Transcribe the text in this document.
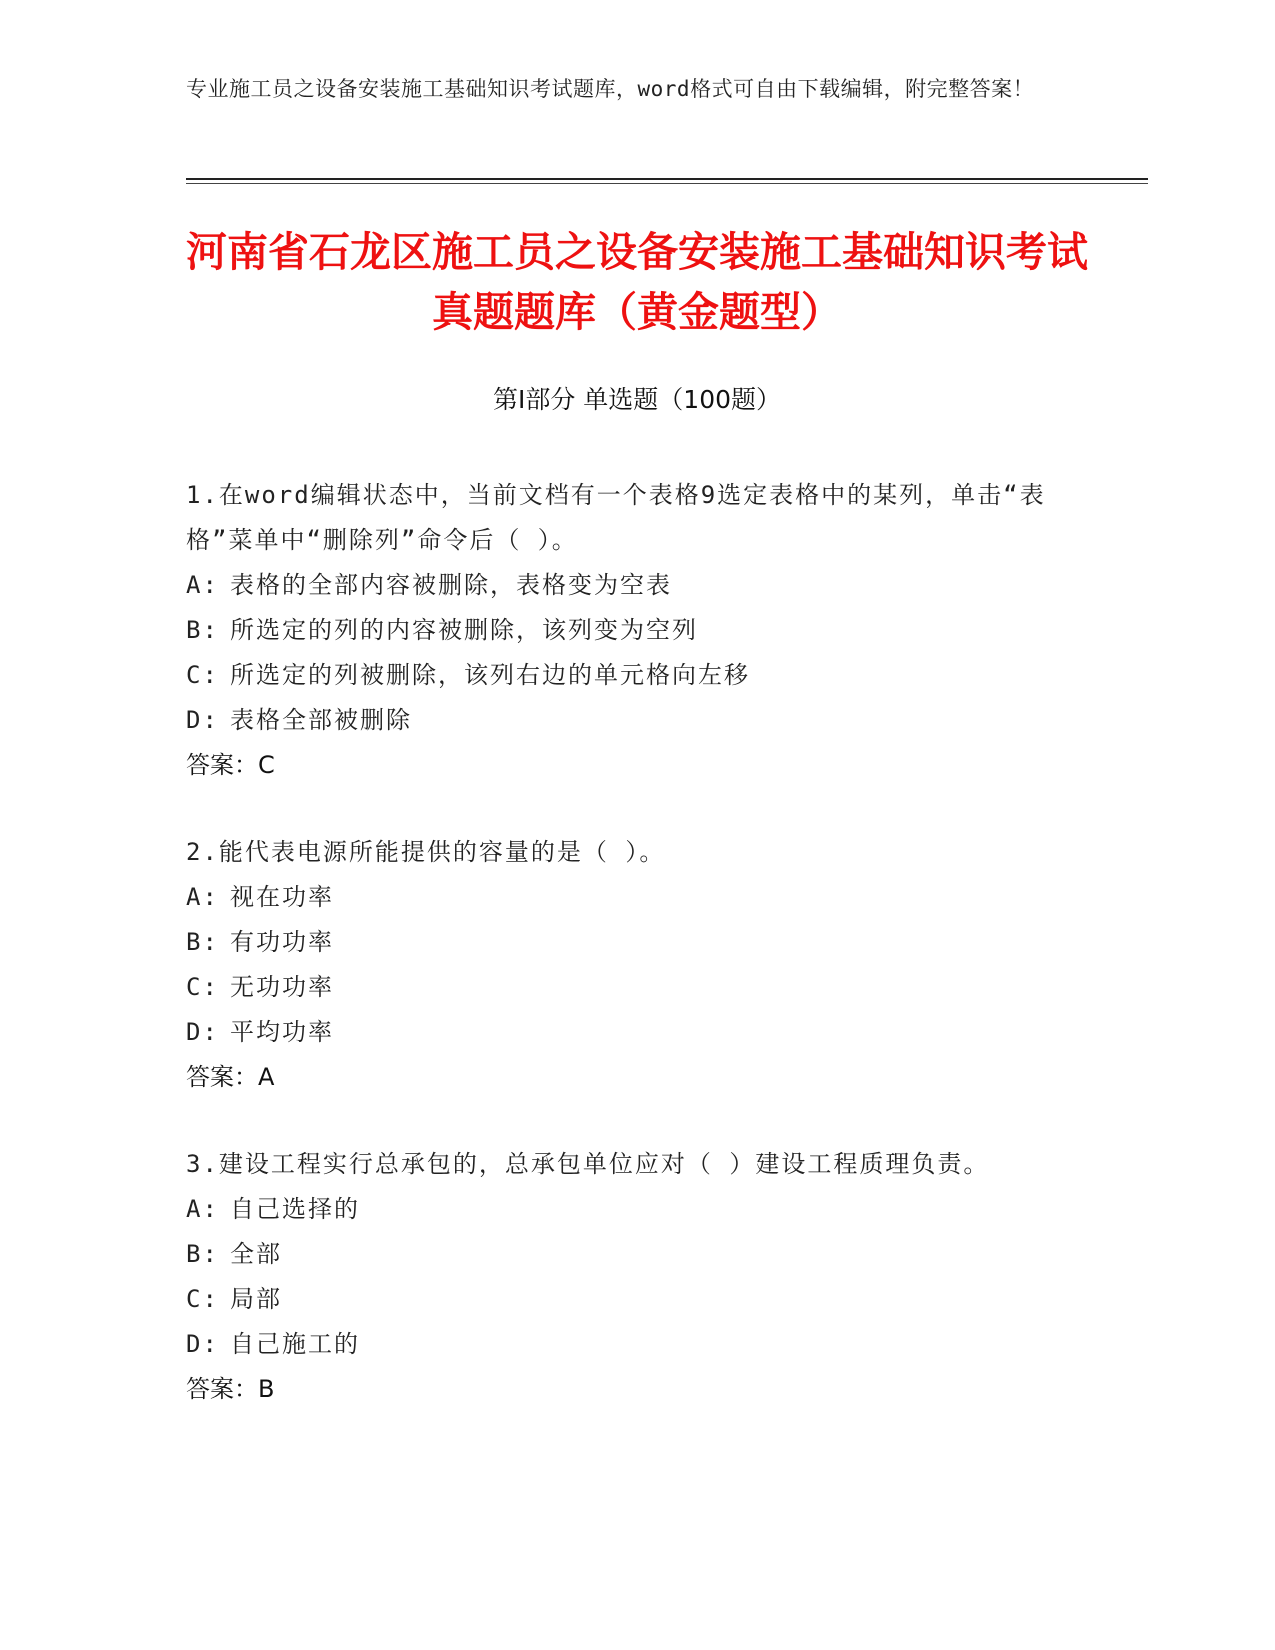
专业施工员之设备安装施工基础知识考试题库，word格式可自由下载编辑，附完整答案！
河南省石龙区施工员之设备安装施工基础知识考试真题题库（黄金题型）
第Ⅰ部分 单选题（100题）
1.在word编辑状态中，当前文档有一个表格9选定表格中的某列，单击“表格”菜单中“删除列”命令后（ ）。
A: 表格的全部内容被删除，表格变为空表
B: 所选定的列的内容被删除，该列变为空列
C: 所选定的列被删除，该列右边的单元格向左移
D: 表格全部被删除
答案：C
2.能代表电源所能提供的容量的是（ ）。
A: 视在功率
B: 有功功率
C: 无功功率
D: 平均功率
答案：A
3.建设工程实行总承包的，总承包单位应对（ ）建设工程质理负责。
A: 自己选择的
B: 全部
C: 局部
D: 自己施工的
答案：B
